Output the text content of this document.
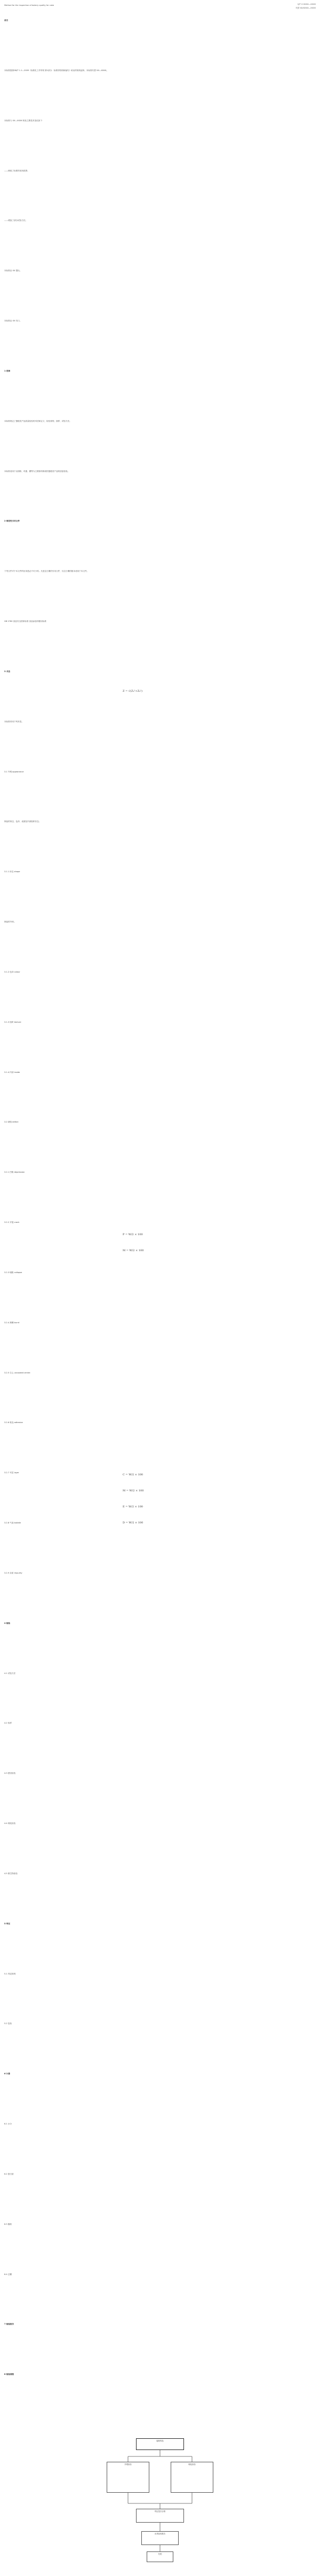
Method for the inspection of bakery quality for cake	Q/T X XXXX—XXXX
代替 XX/XXXX—XXXX
前言
本标准按照GB/T 1.1—2009《标准化工作导则 第1部分：标准的结构和编写》给出的规则起草。本标准代替 XX—XXXX。
本标准与 XX—XXXX 相比主要技术变化如下：
——修改了标准的适用范围；
——增加了部分试验方法。
本标准由 XX 提出。
本标准由 XX 归口。
1 范围
本标准规定了蛋糕类产品质量检验的术语和定义、检验规则、抽样、试验方法。
本标准适用于以面粉、鸡蛋、糖等为主要原料制成的蛋糕类产品的质量检验。
2 规范性引用文件
下列文件对于本文件的应用是必不可少的。凡是注日期的引用文件，仅注日期的版本适用于本文件。
GB 2760 食品安全国家标准 食品添加剂使用标准
3 术语
本标准采用下列术语。
3.1 外观 appearance
制品的形态、色泽、表面及内部组织状态。
3.1.1 形态 shape
制品的外形。
3.1.2 色泽 colour
3.1.3 组织 texture
3.1.4 内部 inside
3.2 缺陷 defect
3.2.1 凹陷 depression
3.2.2 开裂 crack
3.2.3 塌陷 collapse
3.2.4 焦糊 burnt
3.2.5 生心 uncooked centre
3.2.6 粘连 adhesion
3.2.7 夹层 layer
3.2.8 气泡 bubble
3.2.9 杂质 impurity
4 检验
4.1 试验方法
4.2 取样
4.3 感官检验
4.4 理化检验
4.5 微生物检验
5 判定
5.1 判定规则
5.2 复检
6 计算
6.1 水分
6.2 蛋白质
6.3 脂肪
6.4 总糖
7 检验报告
8 检验流程
Z = √(Z₁²+Z₂²)
P = W/2 × 100
M = W/2 × 100
C = W/2 × 100
M = W/2 × 100
E = W/2 × 100
D = W/2 × 100
接收样品
外观检验	理化检验
判定是否合格
出具检验报告
归档
